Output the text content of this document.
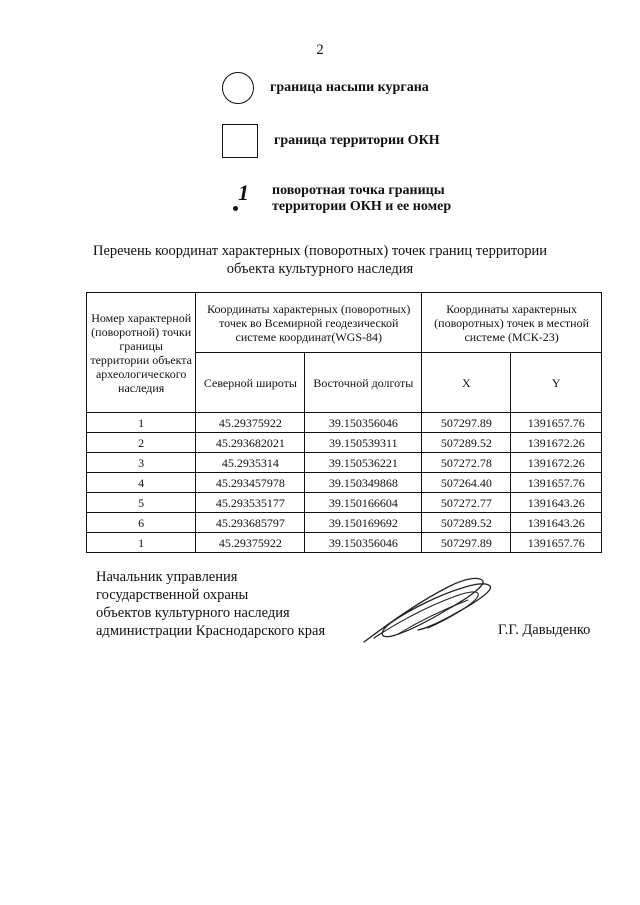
2
граница насыпи кургана
граница территории ОКН
1 поворотная точка границы
территории ОКН и ее номер
Перечень координат характерных (поворотных) точек границ территории
объекта культурного наследия
Номер характерной (поворотной) точки границы территории объекта археологического наследия	Координаты характерных (поворотных) точек во Всемирной геодезической системе координат(WGS-84)		Координаты характерных (поворотных) точек в местной системе (МСК-23)	
	Северной широты	Восточной долготы	X	Y
1	45.29375922	39.150356046	507297.89	1391657.76
2	45.293682021	39.150539311	507289.52	1391672.26
3	45.2935314	39.150536221	507272.78	1391672.26
4	45.293457978	39.150349868	507264.40	1391657.76
5	45.293535177	39.150166604	507272.77	1391643.26
6	45.293685797	39.150169692	507289.52	1391643.26
1	45.29375922	39.150356046	507297.89	1391657.76
Начальник управления
государственной охраны
объектов культурного наследия
администрации Краснодарского края	Г.Г. Давыденко
